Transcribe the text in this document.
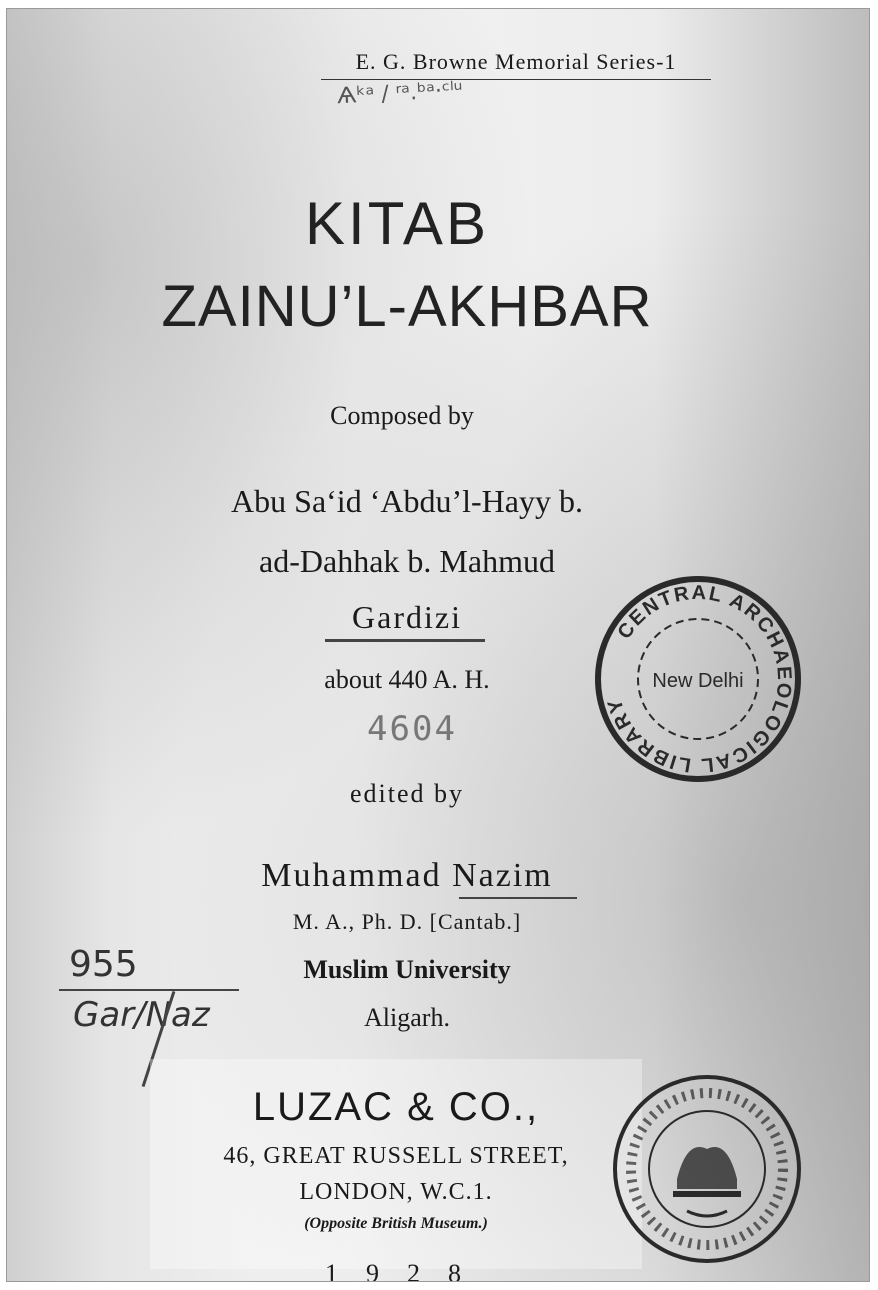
E. G. Browne Memorial Series-1
Ѧᵏᵃ / ʳᵃ.ᵇᵃ·ᶜˡᵘ
KITAB
ZAINU’L-AKHBAR
Composed by
Abu Sa‘id ‘Abdu’l-Hayy b.
ad-Dahhak b. Mahmud
Gardizi
about 440 A. H.
4604
edited by
Muhammad Nazim
M. A., Ph. D. [Cantab.]
Muslim University
Aligarh.
955
Gar/Naz
LUZAC & CO.,
46, GREAT RUSSELL STREET,
LONDON, W.C.1.
(Opposite British Museum.)
1928
CENTRAL ARCHAEOLOGICAL LIBRARY
New Delhi
